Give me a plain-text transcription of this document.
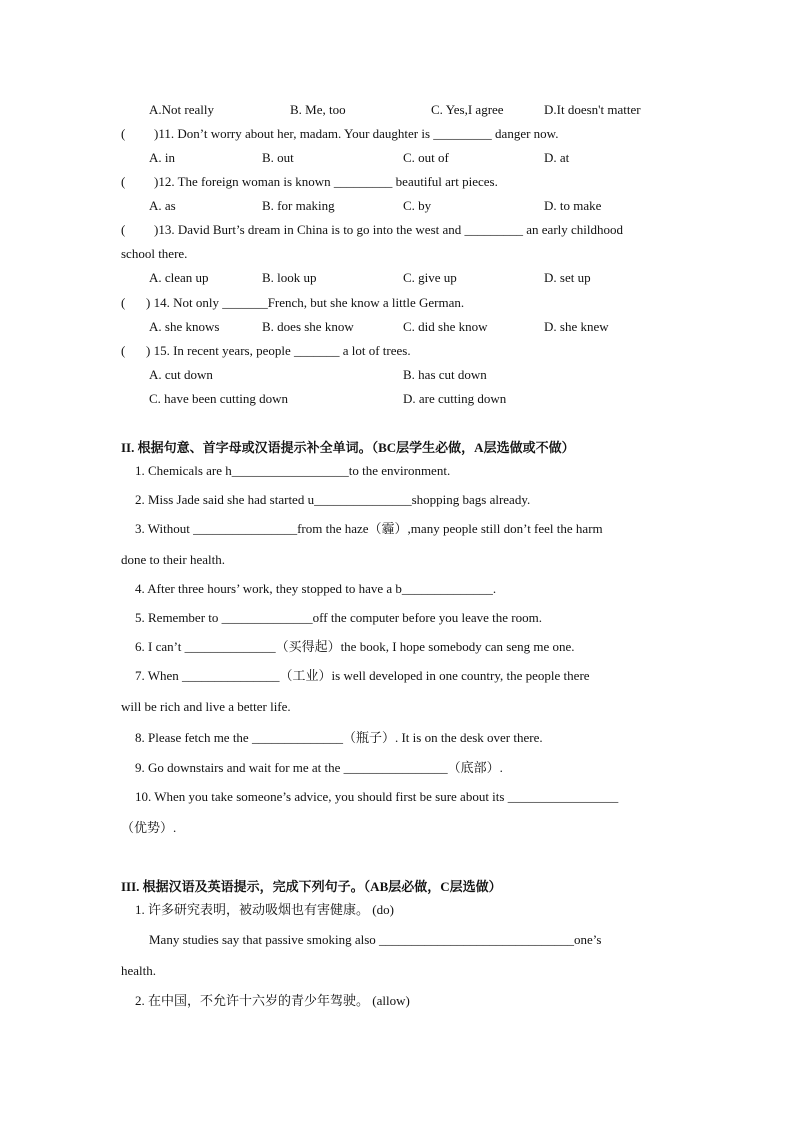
A.Not really	B. Me, too	C. Yes,I agree	D.It doesn't matter
( )11. Don’t worry about her, madam. Your daughter is _________ danger now.
A. in	B. out	C. out of	D. at
( )12. The foreign woman is known _________ beautiful art pieces.
A. as	B. for making	C. by	D. to make
( )13. David Burt’s dream in China is to go into the west and _________ an early childhood
school there.
A. clean up	B. look up	C. give up	D. set up
( ) 14. Not only _______French, but she know a little German.
A. she knows	B. does she know	C. did she know	D. she knew
( ) 15. In recent years, people _______ a lot of trees.
A. cut down	B. has cut down
C. have been cutting down	D. are cutting down
II. 根据句意、首字母或汉语提示补全单词。（BC层学生必做，A层选做或不做）
1. Chemicals are h__________________to the environment.
2. Miss Jade said she had started u_______________shopping bags already.
3. Without ________________from the haze（霾）,many people still don’t feel the harm
done to their health.
4. After three hours’ work, they stopped to have a b______________.
5. Remember to ______________off the computer before you leave the room.
6. I can’t ______________（买得起）the book, I hope somebody can seng me one.
7. When _______________（工业）is well developed in one country, the people there
will be rich and live a better life.
8. Please fetch me the ______________（瓶子）. It is on the desk over there.
9. Go downstairs and wait for me at the ________________（底部）.
10. When you take someone’s advice, you should first be sure about its _________________
（优势）.
III. 根据汉语及英语提示，完成下列句子。（AB层必做，C层选做）
1. 许多研究表明，被动吸烟也有害健康。 (do)
Many studies say that passive smoking also ______________________________one’s
health.
2. 在中国，不允许十六岁的青少年驾驶。 (allow)
